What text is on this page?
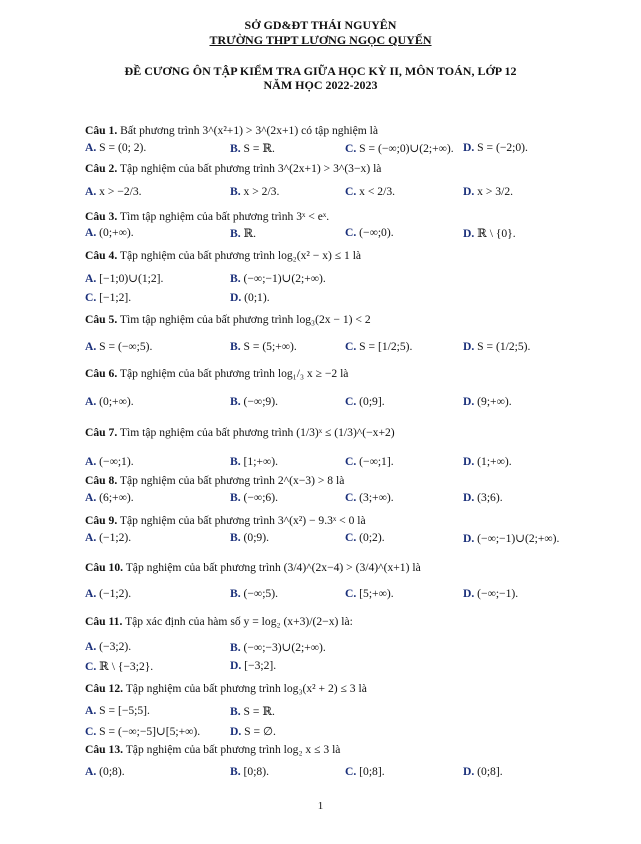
SỞ GD&ĐT THÁI NGUYÊN
TRƯỜNG THPT LƯƠNG NGỌC QUYẾN
ĐỀ CƯƠNG ÔN TẬP KIỂM TRA GIỮA HỌC KỲ II, MÔN TOÁN, LỚP 12
NĂM HỌC 2022-2023
Câu 1. Bất phương trình 3^(x²+1) > 3^(2x+1) có tập nghiệm là
A. S = (0; 2).	B. S = ℝ.	C. S = (−∞;0)∪(2;+∞). D. S = (−2;0).
Câu 2. Tập nghiệm của bất phương trình 3^(2x+1) > 3^(3−x) là
A. x > −2/3.	B. x > 2/3.	C. x < 2/3.	D. x > 3/2.
Câu 3. Tìm tập nghiệm của bất phương trình 3ˣ < eˣ.
A. (0;+∞).	B. ℝ.	C. (−∞;0).	D. ℝ \ {0}.
Câu 4. Tập nghiệm của bất phương trình log₂(x² − x) ≤ 1 là
A. [−1;0)∪(1;2].	B. (−∞;−1)∪(2;+∞).
C. [−1;2].	D. (0;1).
Câu 5. Tìm tập nghiệm của bất phương trình log₃(2x − 1) < 2
A. S = (−∞;5).	B. S = (5;+∞).	C. S = [1/2;5).	D. S = (1/2;5).
Câu 6. Tập nghiệm của bất phương trình log₁/₃ x ≥ −2 là
A. (0;+∞).	B. (−∞;9).	C. (0;9].	D. (9;+∞).
Câu 7. Tìm tập nghiệm của bất phương trình (1/3)ˣ ≤ (1/3)^(−x+2)
A. (−∞;1).	B. [1;+∞).	C. (−∞;1].	D. (1;+∞).
Câu 8. Tập nghiệm của bất phương trình 2^(x−3) > 8 là
A. (6;+∞).	B. (−∞;6).	C. (3;+∞).	D. (3;6).
Câu 9. Tập nghiệm của bất phương trình 3^(x²) − 9.3ˣ < 0 là
A. (−1;2).	B. (0;9).	C. (0;2).	D. (−∞;−1)∪(2;+∞).
Câu 10. Tập nghiệm của bất phương trình (3/4)^(2x−4) > (3/4)^(x+1) là
A. (−1;2).	B. (−∞;5).	C. [5;+∞).	D. (−∞;−1).
Câu 11. Tập xác định của hàm số y = log₂ (x+3)/(2−x) là:
A. (−3;2).	B. (−∞;−3)∪(2;+∞).
C. ℝ \ {−3;2}.	D. [−3;2].
Câu 12. Tập nghiệm của bất phương trình log₃(x² + 2) ≤ 3 là
A. S = [−5;5].	B. S = ℝ.
C. S = (−∞;−5]∪[5;+∞).	D. S = ∅.
Câu 13. Tập nghiệm của bất phương trình log₂ x ≤ 3 là
A. (0;8).	B. [0;8).	C. [0;8].	D. (0;8].
1
